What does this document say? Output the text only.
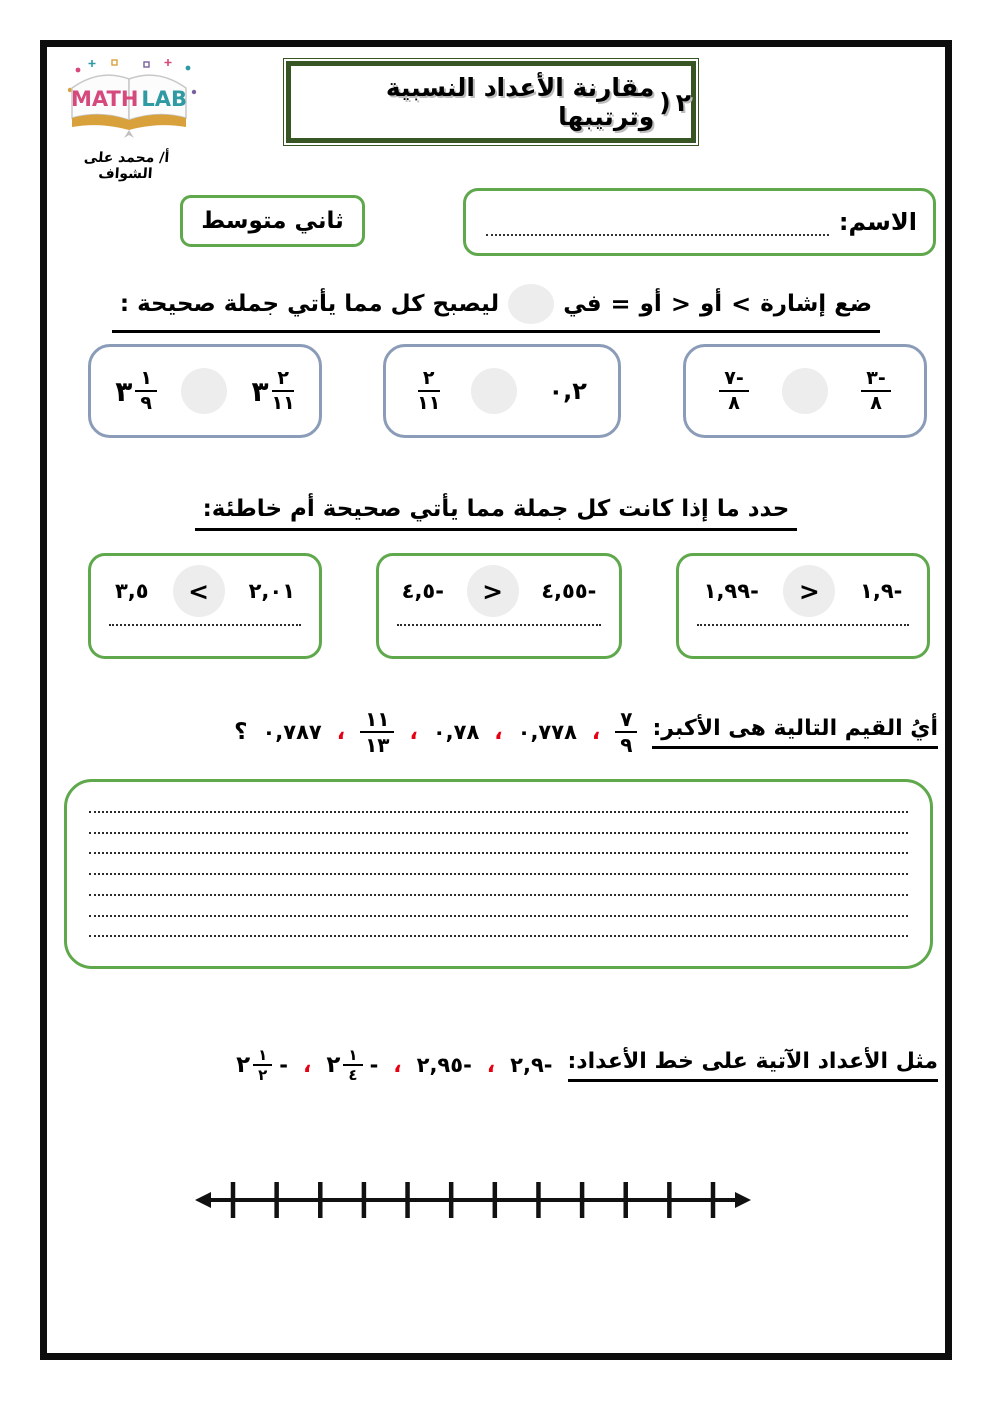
MATH LAB
أ/ محمد على الشواف
٢
)
مقارنة الأعداد النسبية وترتيبها
ثاني متوسط	الاسم:
ضع إشارة
<
أو
>
أو
=
في
ليصبح كل مما يأتي جملة صحيحة :
٣ $\frac{١}{٩}$	٣ $\frac{٢}{١١}$	$\frac{٢}{١١}$	٠,٢	$\frac{٧-}{٨}$	$\frac{٣-}{٨}$
حدد ما إذا كانت كل جملة مما يأتي صحيحة أم خاطئة:
٣,٥ < ٢,٠١	٤,٥- > ٤,٥٥-	١,٩٩- > ١,٩-
أيُ القيم التالية هى الأكبر:
$\frac{٧}{٩}$
،
٠,٧٧٨
،
٠,٧٨
،
$\frac{١١}{١٣}$
،
٠,٧٨٧
؟
مثل الأعداد الآتية على خط الأعداد:
٢,٩-
،
٢,٩٥-
،
٢ $\frac{١}{٤}$ -
،
٢ $\frac{١}{٢}$ -
